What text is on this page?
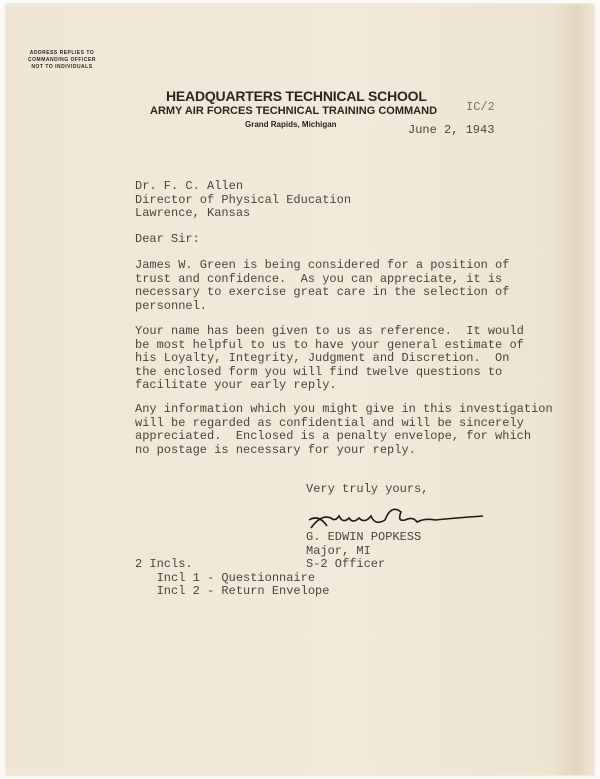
ADDRESS REPLIES TO
COMMANDING OFFICER
NOT TO INDIVIDUALS
HEADQUARTERS TECHNICAL SCHOOL
ARMY AIR FORCES TECHNICAL TRAINING COMMAND
Grand Rapids, Michigan
IC/2
June 2, 1943
Dr. F. C. Allen
Director of Physical Education
Lawrence, Kansas
Dear Sir:
James W. Green is being considered for a position of
trust and confidence.  As you can appreciate, it is
necessary to exercise great care in the selection of
personnel.
Your name has been given to us as reference.  It would
be most helpful to us to have your general estimate of
his Loyalty, Integrity, Judgment and Discretion.  On
the enclosed form you will find twelve questions to
facilitate your early reply.
Any information which you might give in this investigation
will be regarded as confidential and will be sincerely
appreciated.  Enclosed is a penalty envelope, for which
no postage is necessary for your reply.
Very truly yours,
G. EDWIN POPKESS
Major, MI
S-2 Officer
2 Incls.
Incl 1 - Questionnaire
Incl 2 - Return Envelope
